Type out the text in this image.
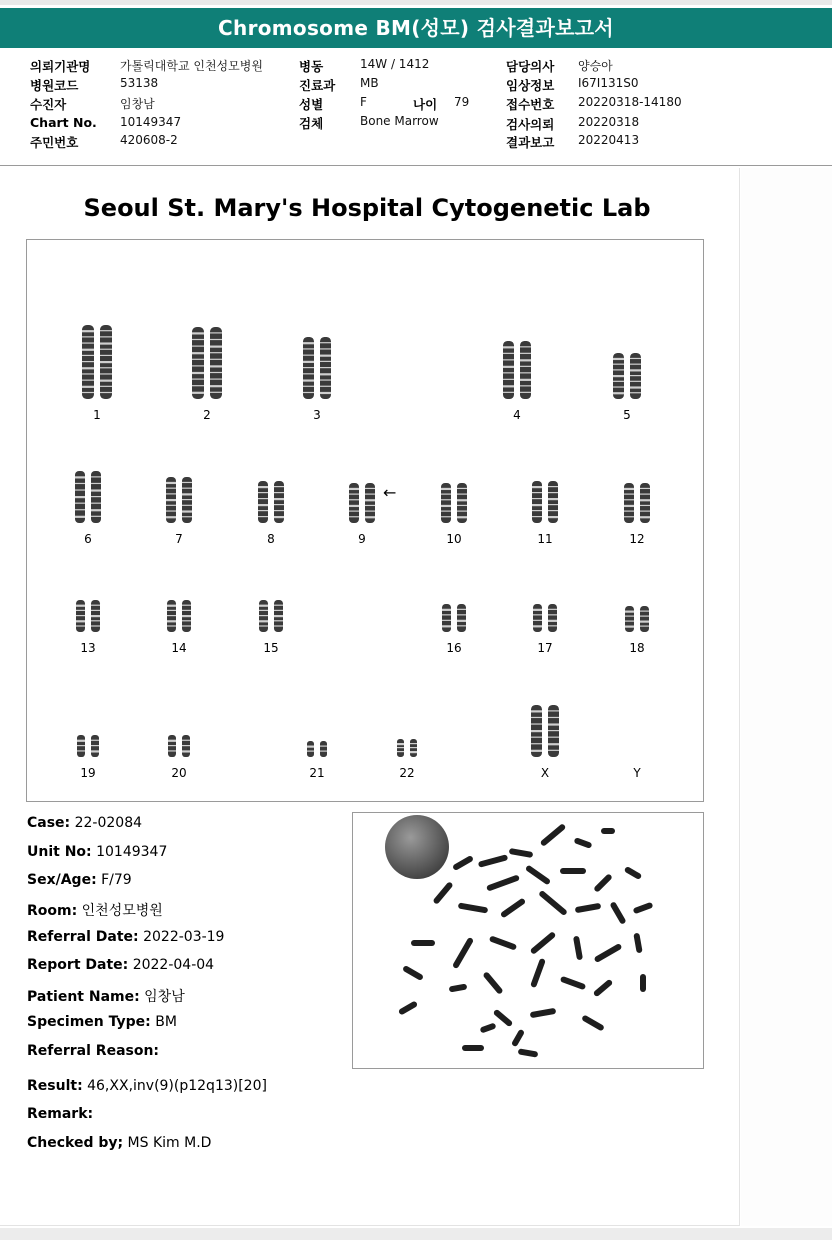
Chromosome BM(성모) 검사결과보고서
의뢰기관명 가톨릭대학교 인천성모병원
병원코드	53138
수진자	임창남
Chart No. 10149347
주민번호	420608-2
병동	14W / 1412
진료과 MB
성별	F	나이 79
검체	Bone Marrow
담당의사 양승아
임상정보 I67I131S0
접수번호 20220318-14180
검사의뢰 20220318
결과보고 20220413
Seoul St. Mary's Hospital Cytogenetic Lab
←
1	2	3	4	5
6	7	8	9	10	11	12
13	14	15	16	17	18
19	20	21	22	X	Y
Case: 22-02084
Unit No: 10149347
Sex/Age: F/79
Room: 인천성모병원
Referral Date: 2022-03-19
Report Date: 2022-04-04
Patient Name: 임창남
Specimen Type: BM
Referral Reason:
Result: 46,XX,inv(9)(p12q13)[20]
Remark:
Checked by; MS Kim M.D
